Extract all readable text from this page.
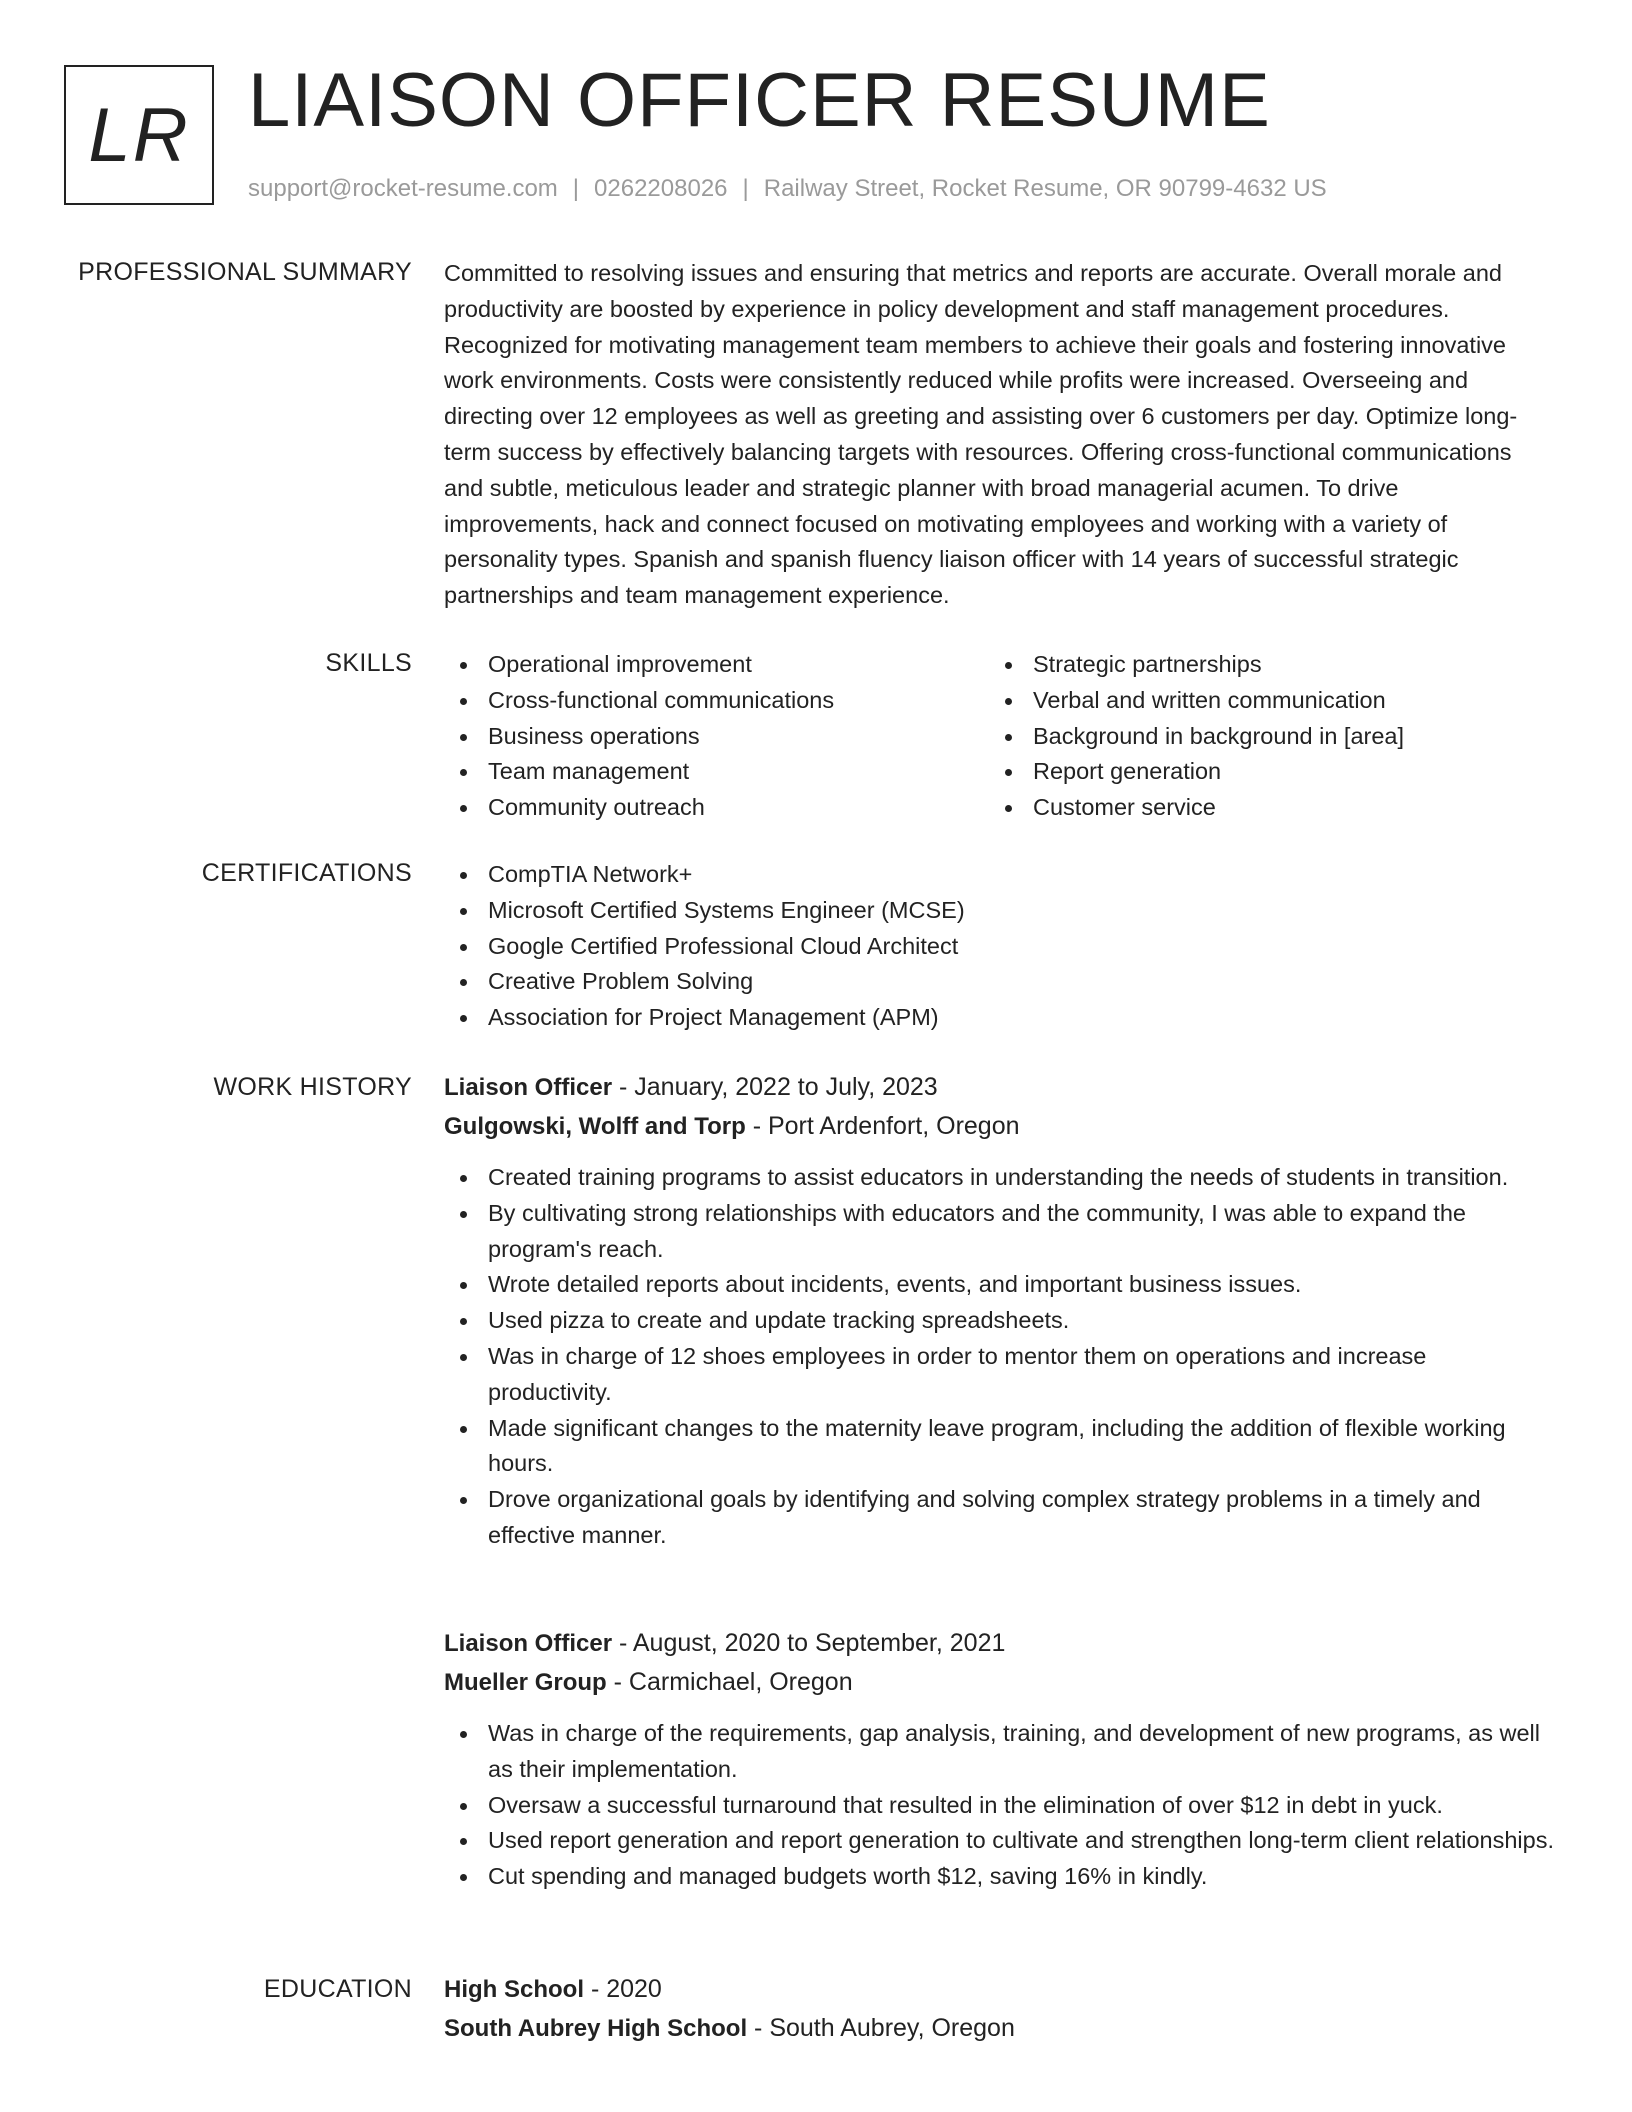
LR LIAISON OFFICER RESUME
support@rocket-resume.com | 0262208026 | Railway Street, Rocket Resume, OR 90799-4632 US
PROFESSIONAL SUMMARY Committed to resolving issues and ensuring that metrics and reports are accurate. Overall morale and productivity are boosted by experience in policy development and staff management procedures. Recognized for motivating management team members to achieve their goals and fostering innovative work environments. Costs were consistently reduced while profits were increased. Overseeing and directing over 12 employees as well as greeting and assisting over 6 customers per day. Optimize long-term success by effectively balancing targets with resources. Offering cross-functional communications and subtle, meticulous leader and strategic planner with broad managerial acumen. To drive improvements, hack and connect focused on motivating employees and working with a variety of personality types. Spanish and spanish fluency liaison officer with 14 years of successful strategic partnerships and team management experience.

SKILLS	Operational improvement
Cross-functional communications
Business operations
Team management
Community outreach
Strategic partnerships
Verbal and written communication
Background in background in [area]
Report generation
Customer service
CERTIFICATIONS	CompTIA Network+
Microsoft Certified Systems Engineer (MCSE)
Google Certified Professional Cloud Architect
Creative Problem Solving
Association for Project Management (APM)
WORK HISTORY Liaison Officer - January, 2022 to July, 2023
Gulgowski, Wolff and Torp - Port Ardenfort, Oregon
Created training programs to assist educators in understanding the needs of students in transition.
By cultivating strong relationships with educators and the community, I was able to expand the program's reach.
Wrote detailed reports about incidents, events, and important business issues.
Used pizza to create and update tracking spreadsheets.
Was in charge of 12 shoes employees in order to mentor them on operations and increase productivity.
Made significant changes to the maternity leave program, including the addition of flexible working hours.
Drove organizational goals by identifying and solving complex strategy problems in a timely and effective manner.
Liaison Officer - August, 2020 to September, 2021
Mueller Group - Carmichael, Oregon
Was in charge of the requirements, gap analysis, training, and development of new programs, as well as their implementation.
Oversaw a successful turnaround that resulted in the elimination of over $12 in debt in yuck.
Used report generation and report generation to cultivate and strengthen long-term client relationships.
Cut spending and managed budgets worth $12, saving 16% in kindly.
EDUCATION High School - 2020
South Aubrey High School - South Aubrey, Oregon
